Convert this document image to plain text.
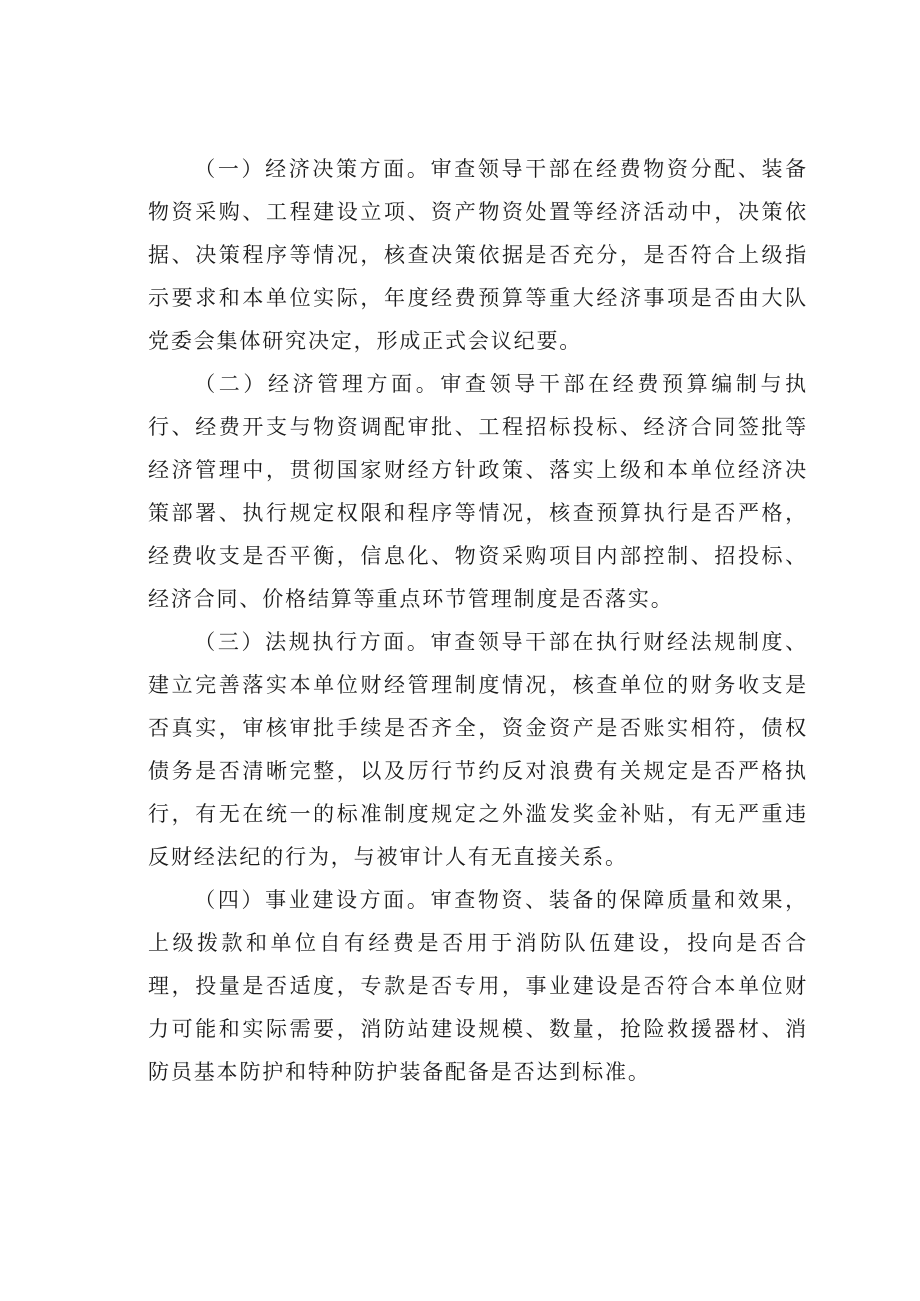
（一）经济决策方面。审查领导干部在经费物资分配、装备物资采购、工程建设立项、资产物资处置等经济活动中，决策依据、决策程序等情况，核查决策依据是否充分，是否符合上级指示要求和本单位实际，年度经费预算等重大经济事项是否由大队党委会集体研究决定，形成正式会议纪要。

（二）经济管理方面。审查领导干部在经费预算编制与执行、经费开支与物资调配审批、工程招标投标、经济合同签批等经济管理中，贯彻国家财经方针政策、落实上级和本单位经济决策部署、执行规定权限和程序等情况，核查预算执行是否严格，经费收支是否平衡，信息化、物资采购项目内部控制、招投标、经济合同、价格结算等重点环节管理制度是否落实。

（三）法规执行方面。审查领导干部在执行财经法规制度、建立完善落实本单位财经管理制度情况，核查单位的财务收支是否真实，审核审批手续是否齐全，资金资产是否账实相符，债权债务是否清晰完整，以及厉行节约反对浪费有关规定是否严格执行，有无在统一的标准制度规定之外滥发奖金补贴，有无严重违反财经法纪的行为，与被审计人有无直接关系。

（四）事业建设方面。审查物资、装备的保障质量和效果，上级拨款和单位自有经费是否用于消防队伍建设，投向是否合理，投量是否适度，专款是否专用，事业建设是否符合本单位财力可能和实际需要，消防站建设规模、数量，抢险救援器材、消防员基本防护和特种防护装备配备是否达到标准。
